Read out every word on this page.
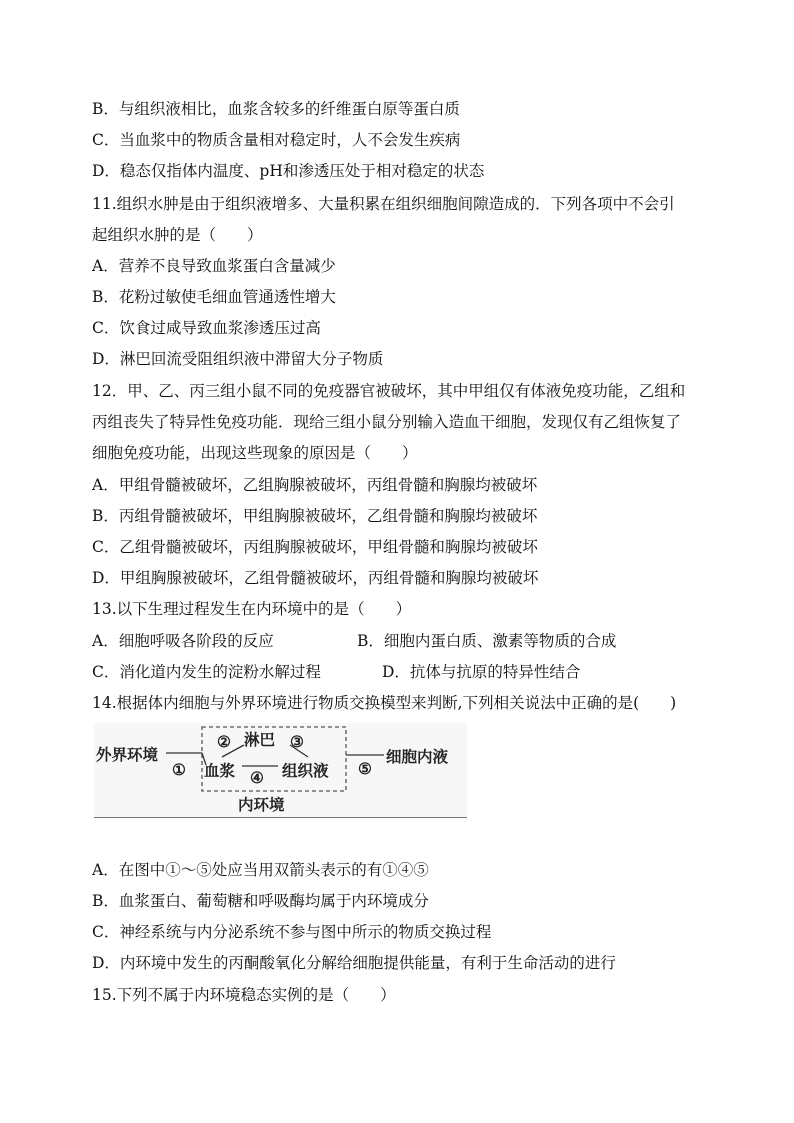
B．与组织液相比，血浆含较多的纤维蛋白原等蛋白质
C．当血浆中的物质含量相对稳定时，人不会发生疾病
D．稳态仅指体内温度、pH和渗透压处于相对稳定的状态
11.组织水肿是由于组织液增多、大量积累在组织细胞间隙造成的．下列各项中不会引
起组织水肿的是（　　）
A．营养不良导致血浆蛋白含量减少
B．花粉过敏使毛细血管通透性增大
C．饮食过咸导致血浆渗透压过高
D．淋巴回流受阻组织液中滞留大分子物质
12．甲、乙、丙三组小鼠不同的免疫器官被破坏，其中甲组仅有体液免疫功能，乙组和
丙组丧失了特异性免疫功能．现给三组小鼠分别输入造血干细胞，发现仅有乙组恢复了
细胞免疫功能，出现这些现象的原因是（　　）
A．甲组骨髓被破坏，乙组胸腺被破坏，丙组骨髓和胸腺均被破坏
B．丙组骨髓被破坏，甲组胸腺被破坏，乙组骨髓和胸腺均被破坏
C．乙组骨髓被破坏，丙组胸腺被破坏，甲组骨髓和胸腺均被破坏
D．甲组胸腺被破坏，乙组骨髓被破坏，丙组骨髓和胸腺均被破坏
13.以下生理过程发生在内环境中的是（　　）
A．细胞呼吸各阶段的反应	B．细胞内蛋白质、激素等物质的合成
C．消化道内发生的淀粉水解过程	D．抗体与抗原的特异性结合
14.根据体内细胞与外界环境进行物质交换模型来判断,下列相关说法中正确的是(　　)
外界环境
①
② 淋巴 ③
血浆 ④ 组织液 ⑤
细胞内液
内环境
A．在图中①～⑤处应当用双箭头表示的有①④⑤
B．血浆蛋白、葡萄糖和呼吸酶均属于内环境成分
C．神经系统与内分泌系统不参与图中所示的物质交换过程
D．内环境中发生的丙酮酸氧化分解给细胞提供能量，有利于生命活动的进行
15.下列不属于内环境稳态实例的是（　　）
